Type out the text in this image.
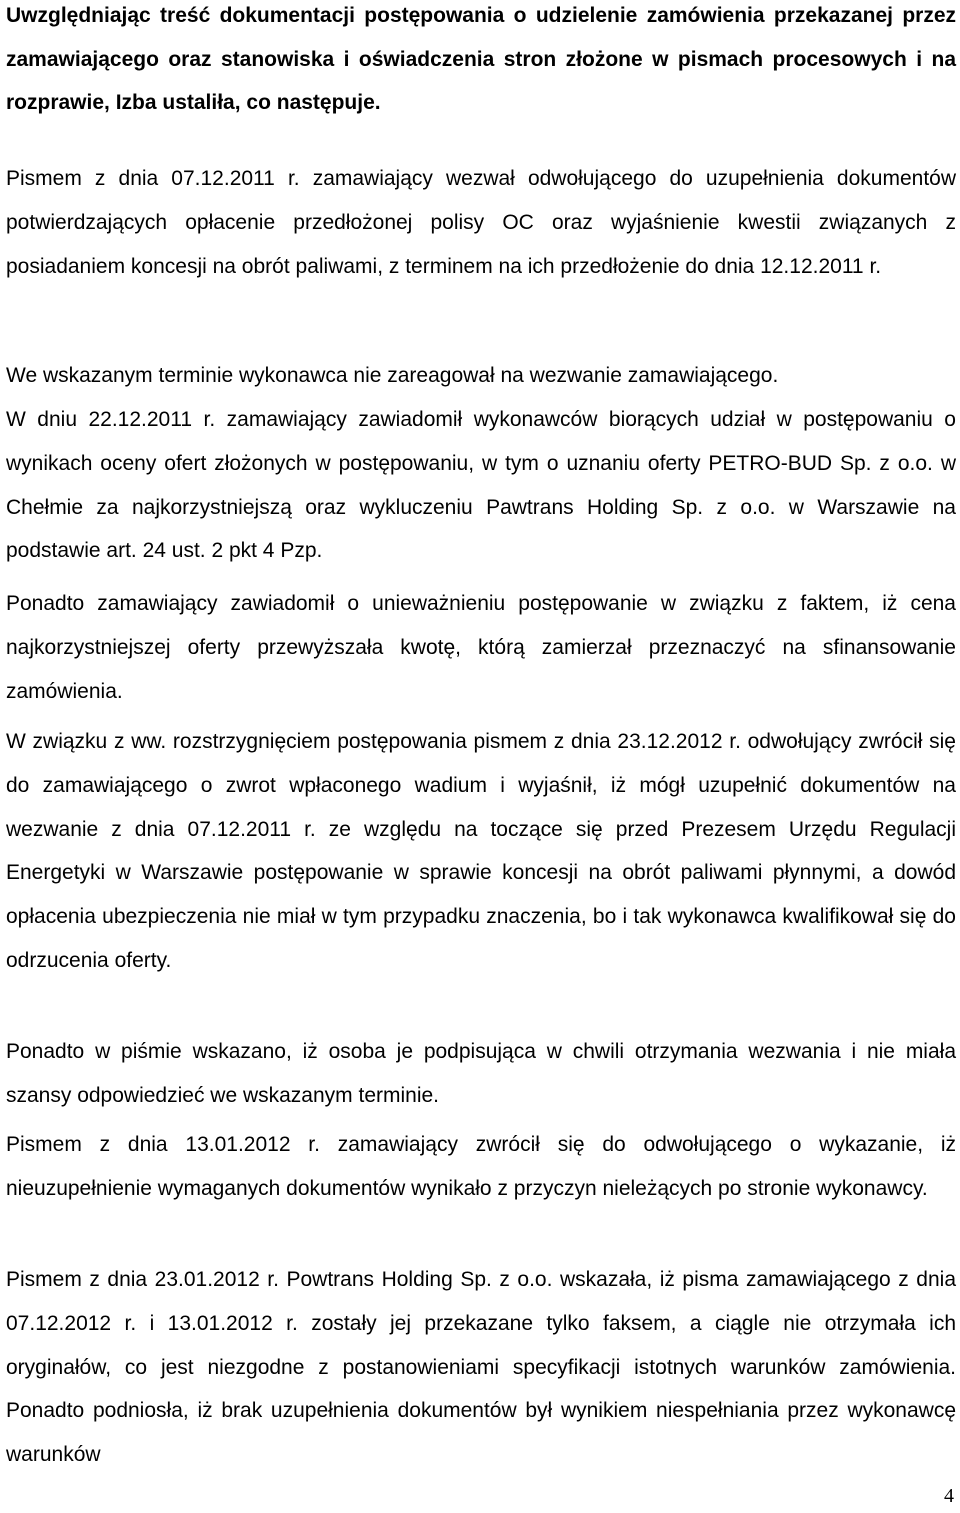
Uwzględniając treść dokumentacji postępowania o udzielenie zamówienia przekazanej przez zamawiającego oraz stanowiska i oświadczenia stron złożone w pismach procesowych i na rozprawie, Izba ustaliła, co następuje.

Pismem z dnia 07.12.2011 r. zamawiający wezwał odwołującego do uzupełnienia dokumentów potwierdzających opłacenie przedłożonej polisy OC oraz wyjaśnienie kwestii związanych z posiadaniem koncesji na obrót paliwami, z terminem na ich przedłożenie do dnia 12.12.2011 r.

We wskazanym terminie wykonawca nie zareagował na wezwanie zamawiającego.

W dniu 22.12.2011 r. zamawiający zawiadomił wykonawców biorących udział w postępowaniu o wynikach oceny ofert złożonych w postępowaniu, w tym o uznaniu oferty PETRO-BUD Sp. z o.o. w Chełmie za najkorzystniejszą oraz wykluczeniu Pawtrans Holding Sp. z o.o. w Warszawie na podstawie art. 24 ust. 2 pkt 4 Pzp.

Ponadto zamawiający zawiadomił o unieważnieniu postępowanie w związku z faktem, iż cena najkorzystniejszej oferty przewyższała kwotę, którą zamierzał przeznaczyć na sfinansowanie zamówienia.

W związku z ww. rozstrzygnięciem postępowania pismem z dnia 23.12.2012 r. odwołujący zwrócił się do zamawiającego o zwrot wpłaconego wadium i wyjaśnił, iż mógł uzupełnić dokumentów na wezwanie z dnia 07.12.2011 r. ze względu na toczące się przed Prezesem Urzędu Regulacji Energetyki w Warszawie postępowanie w sprawie koncesji na obrót paliwami płynnymi, a dowód opłacenia ubezpieczenia nie miał w tym przypadku znaczenia, bo i tak wykonawca kwalifikował się do odrzucenia oferty.

Ponadto w piśmie wskazano, iż osoba je podpisująca w chwili otrzymania wezwania i nie miała szansy odpowiedzieć we wskazanym terminie.

Pismem z dnia 13.01.2012 r. zamawiający zwrócił się do odwołującego o wykazanie, iż nieuzupełnienie wymaganych dokumentów wynikało z przyczyn nieleżących po stronie wykonawcy.

Pismem z dnia 23.01.2012 r. Powtrans Holding Sp. z o.o. wskazała, iż pisma zamawiającego z dnia 07.12.2012 r. i 13.01.2012 r. zostały jej przekazane tylko faksem, a ciągle nie otrzymała ich oryginałów, co jest niezgodne z postanowieniami specyfikacji istotnych warunków zamówienia. Ponadto podniosła, iż brak uzupełnienia dokumentów był wynikiem niespełniania przez wykonawcę warunków

4
